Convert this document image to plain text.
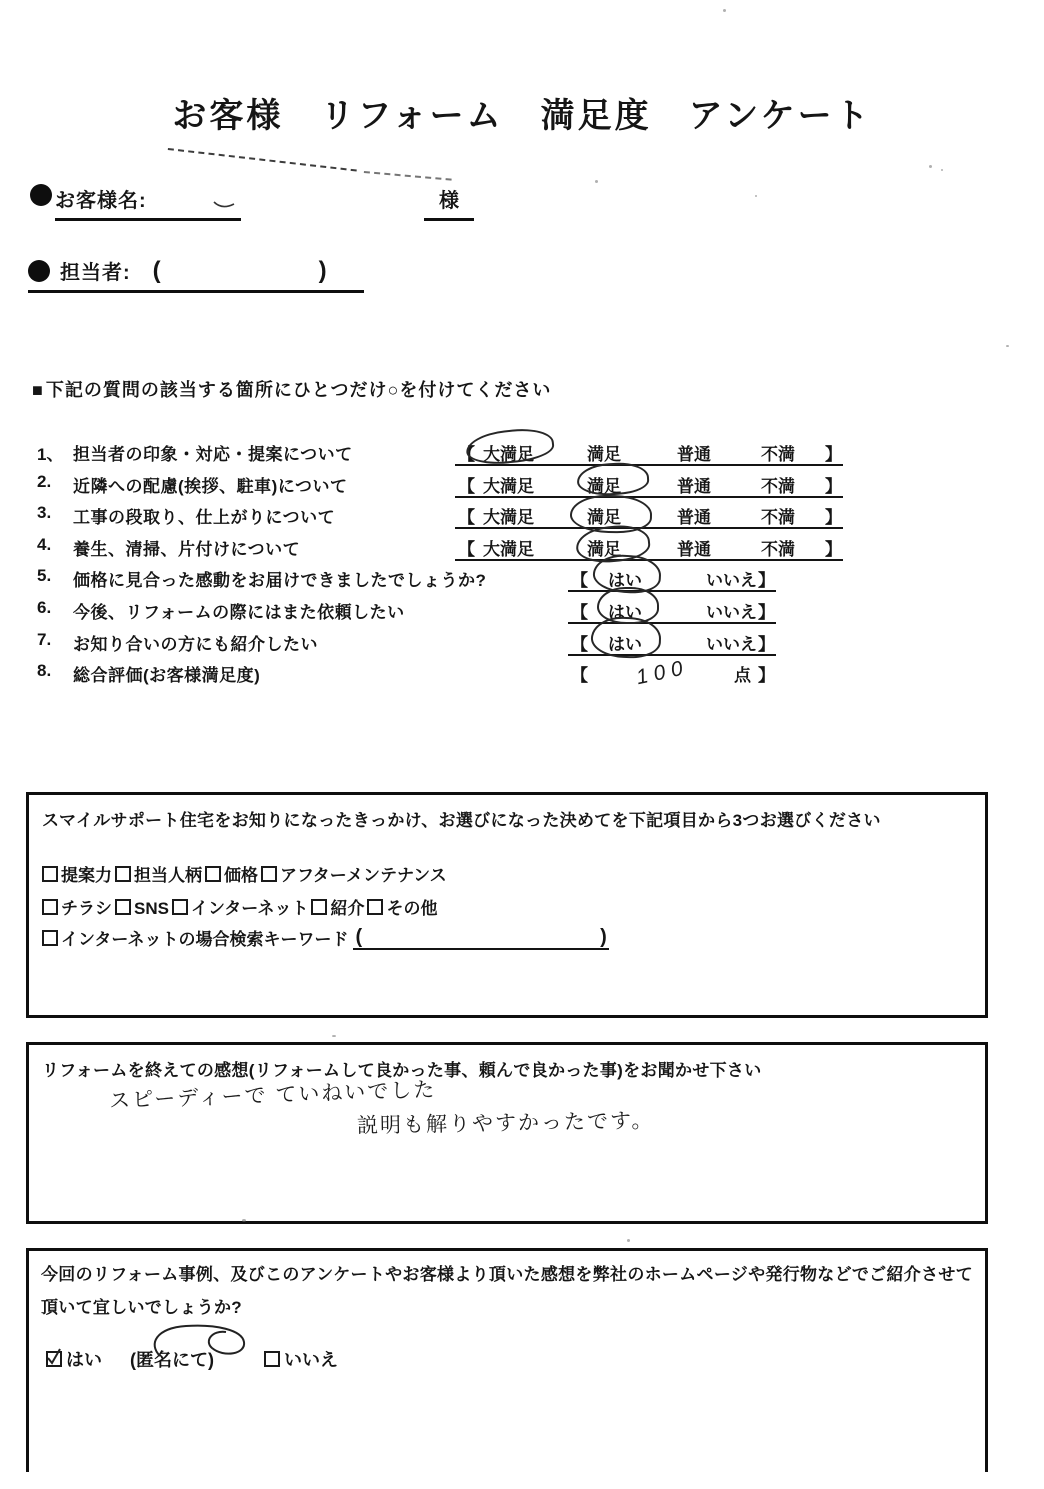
お客様　リフォーム　満足度　アンケート
お客様名:	様
担当者: (	)
■ 下記の質問の該当する箇所にひとつだけ○を付けてください
1、 担当者の印象・対応・提案について	【 大満足	満足	普通	不満 】
2. 近隣への配慮(挨拶、駐車)について	【 大満足	満足	普通	不満 】
3. 工事の段取り、仕上がりについて	【 大満足	満足	普通	不満 】
4. 養生、清掃、片付けについて	【 大満足	満足	普通	不満 】
5. 価格に見合った感動をお届けできましたでしょうか?	【 はい	いいえ 】
6. 今後、リフォームの際にはまた依頼したい	【 はい	いいえ 】
7. お知り合いの方にも紹介したい	【 はい	いいえ 】
8. 総合評価(お客様満足度)	【 100	点 】
スマイルサポート住宅をお知りになったきっかけ、お選びになった決めてを下記項目から3つお選びください
提案力 担当人柄 価格 アフターメンテナンス
チラシ SNS インターネット 紹介 その他
インターネットの場合検索キーワード (	)
リフォームを終えての感想(リフォームして良かった事、頼んで良かった事)をお聞かせ下さい
スピーディーで ていねいでした
説明も解りやすかったです。
今回のリフォーム事例、及びこのアンケートやお客様より頂いた感想を弊社のホームページや発行物などでご紹介させて頂いて宜しいでしょうか?
はい (匿名にて)	いいえ
